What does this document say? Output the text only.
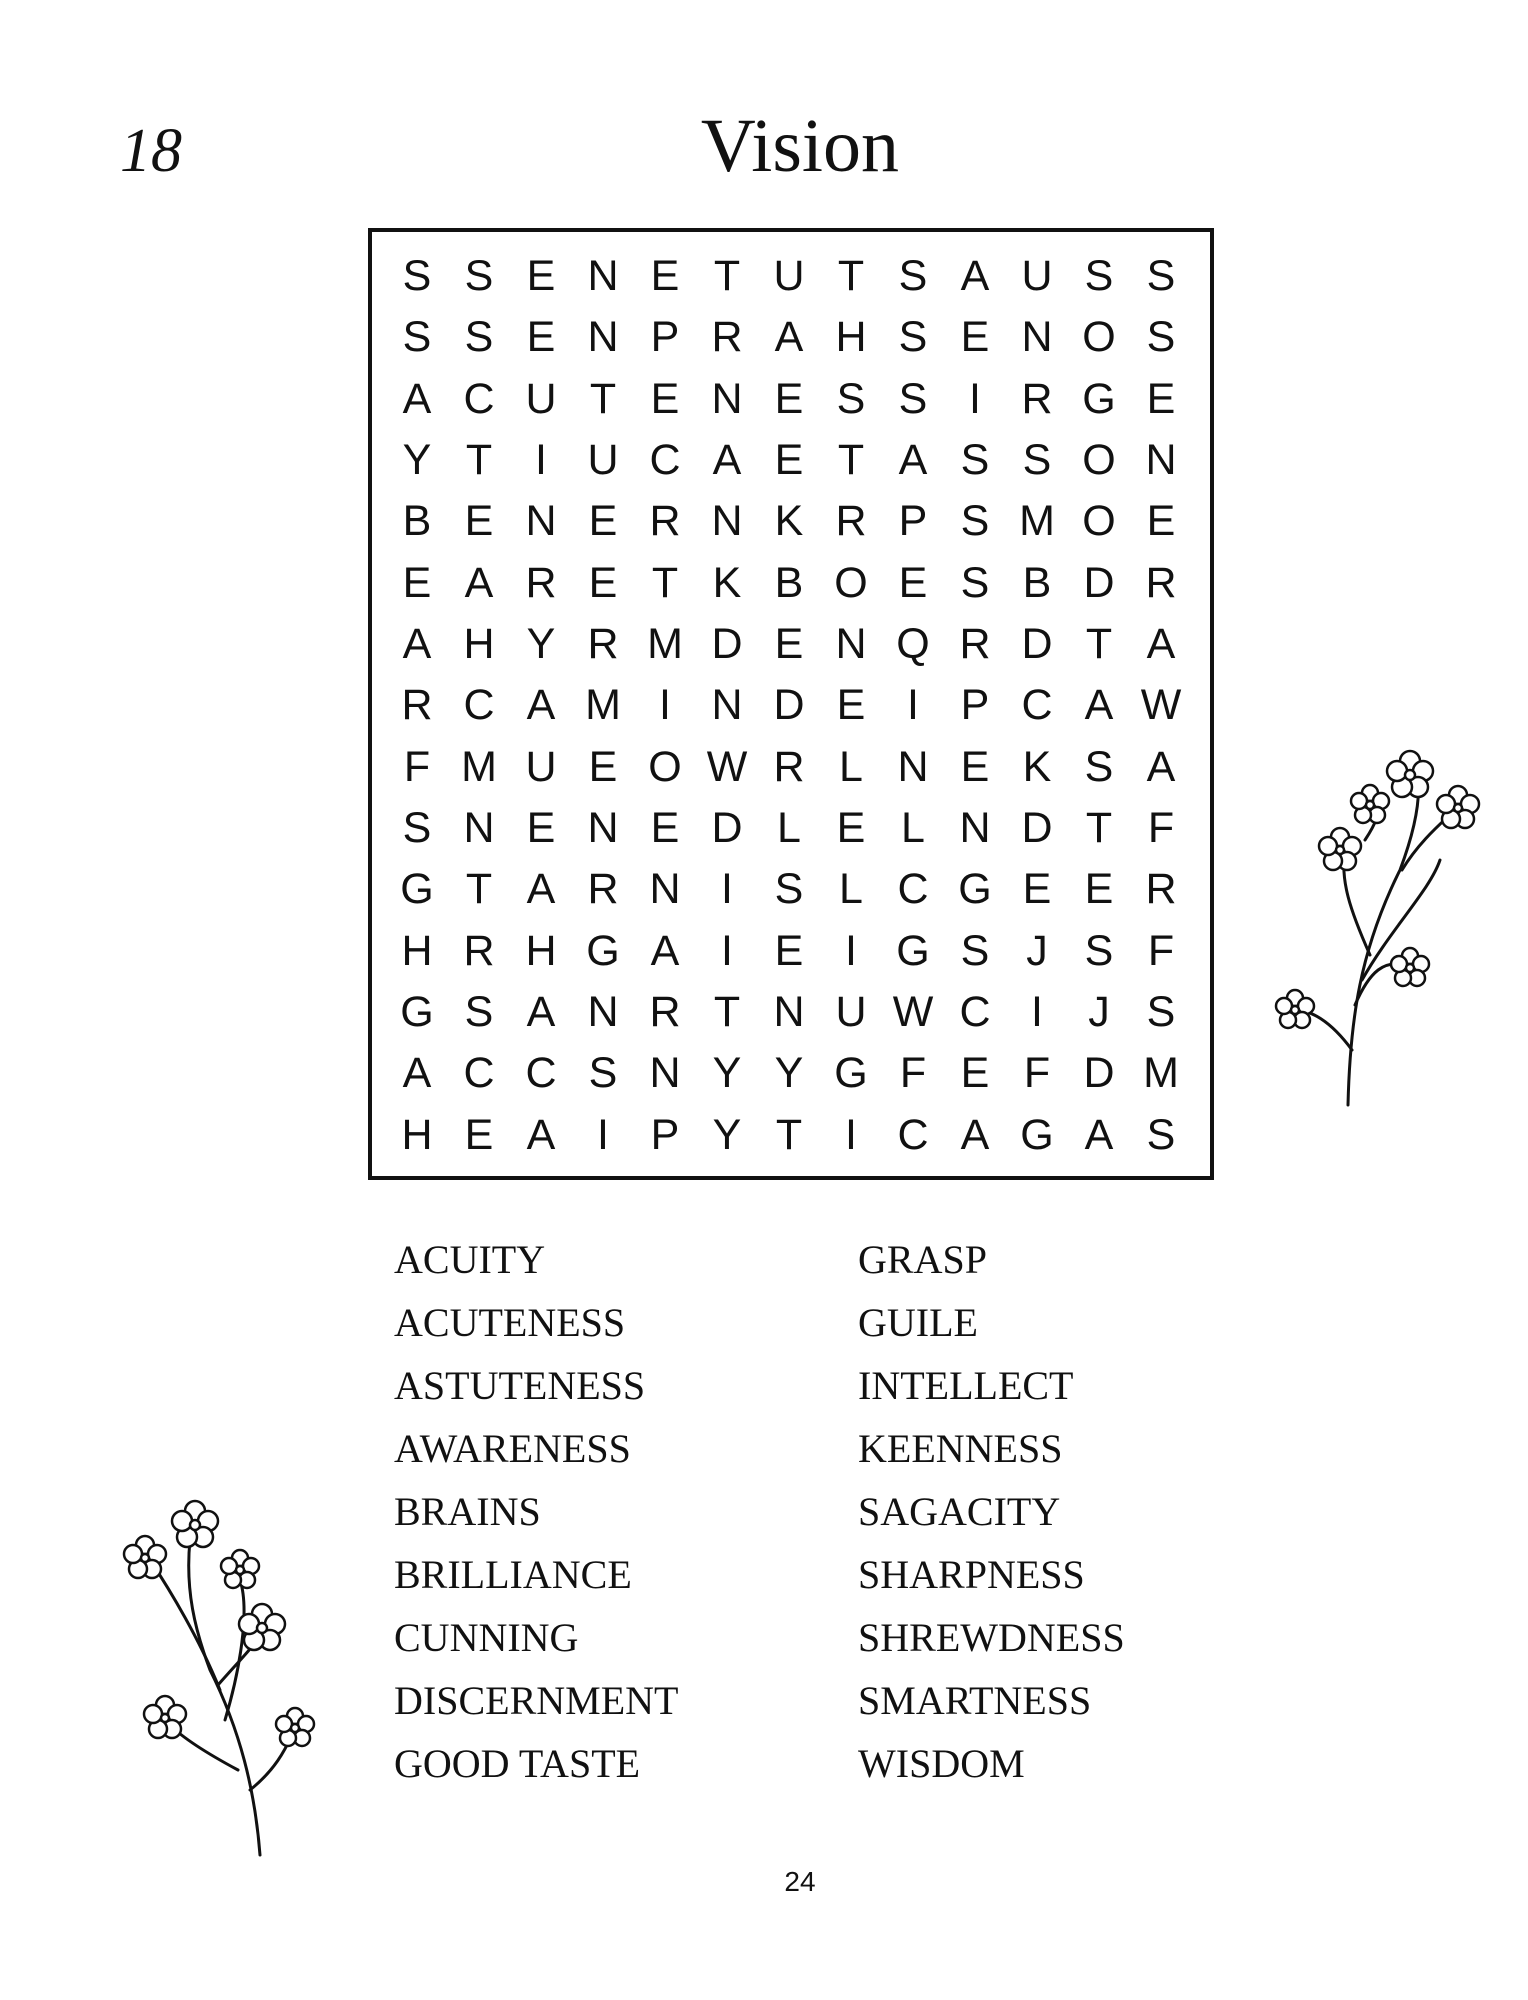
18	Vision
S S E N E T U T S A U S S
S S E N P R A H S E N O S
A C U T E N E S S I R G E
Y T I U C A E T A S S O N
B E N E R N K R P S M O E
E A R E T K B O E S B D R
A H Y R M D E N Q R D T A
R C A M I N D E I P C A W
F M U E O W R L N E K S A
S N E N E D L E L N D T F
G T A R N I S L C G E E R
H R H G A I E I G S J S F
G S A N R T N U W C I	J S
A C C S N Y Y G F E F D M
H E A I P Y T I C A G A S
ACUITY
ACUTENESS
ASTUTENESS
AWARENESS
BRAINS
BRILLIANCE
CUNNING
DISCERNMENT
GOOD TASTE
GRASP
GUILE
INTELLECT
KEENNESS
SAGACITY
SHARPNESS
SHREWDNESS
SMARTNESS
WISDOM
24
